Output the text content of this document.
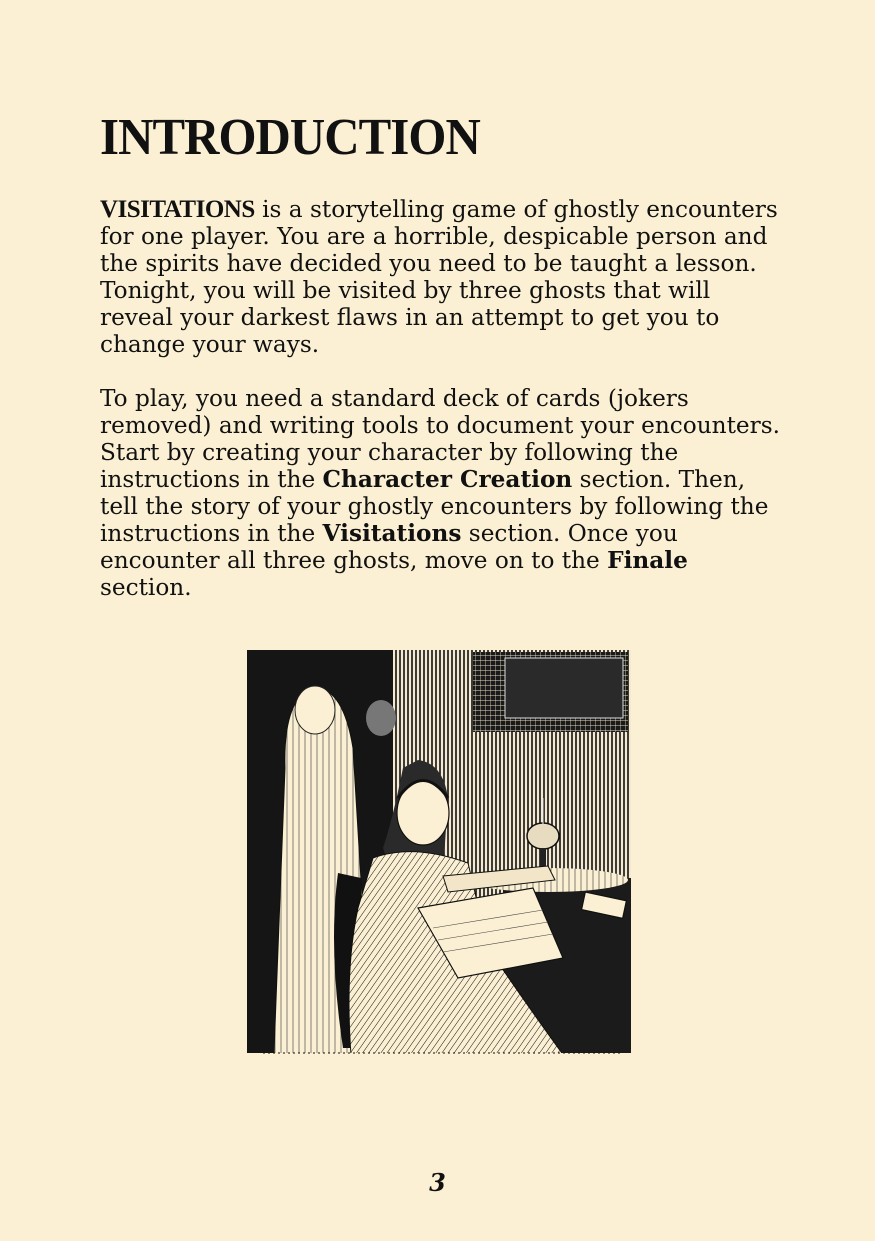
INTRODUCTION

VISITATIONS is a storytelling game of ghostly encounters for one player. You are a horrible, despicable person and the spirits have decided you need to be taught a lesson. Tonight, you will be visited by three ghosts that will reveal your darkest flaws in an attempt to get you to change your ways.

To play, you need a standard deck of cards (jokers removed) and writing tools to document your encounters. Start by creating your character by following the instructions in the Character Creation section. Then, tell the story of your ghostly encounters by following the instructions in the Visitations section. Once you encounter all three ghosts, move on to the Finale section.

3
